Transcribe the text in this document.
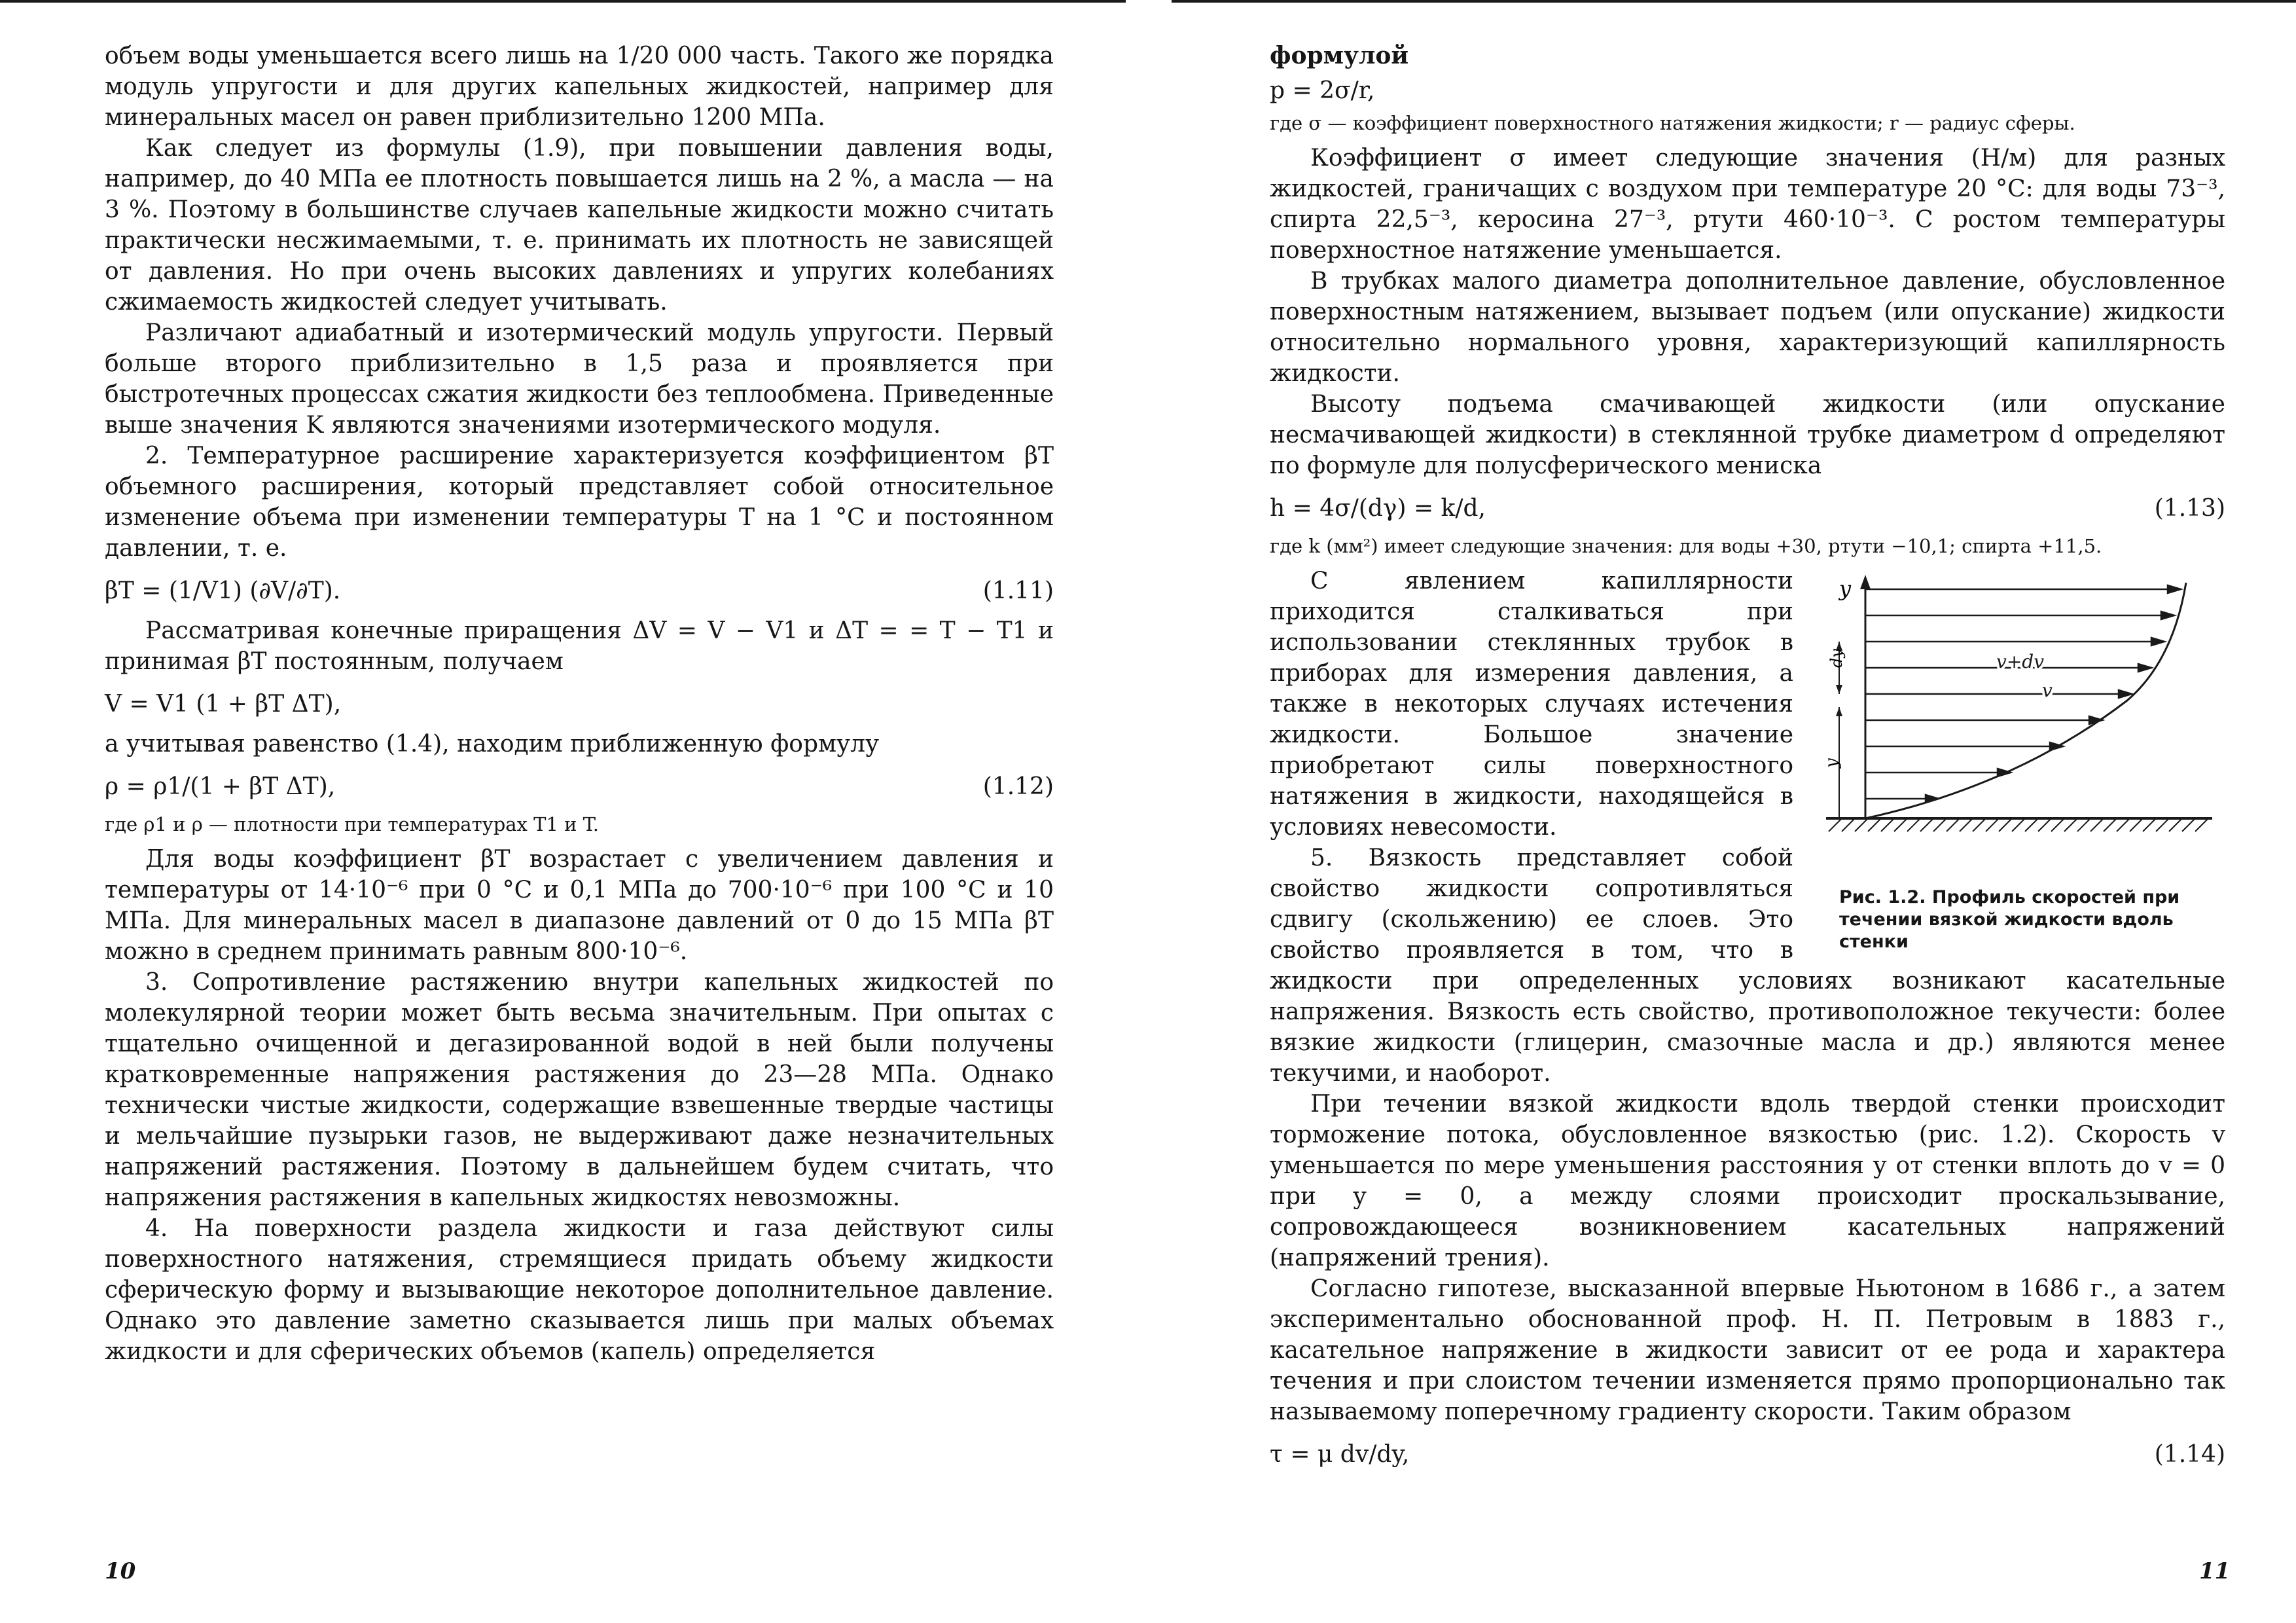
объем воды уменьшается всего лишь на 1/20 000 часть. Такого же порядка модуль упругости и для других капельных жидкостей, например для минеральных масел он равен приблизительно 1200 МПа.

Как следует из формулы (1.9), при повышении давления воды, например, до 40 МПа ее плотность повышается лишь на 2 %, а масла — на 3 %. Поэтому в большинстве случаев капельные жидкости можно считать практически несжимаемыми, т. е. принимать их плотность не зависящей от давления. Но при очень высоких давлениях и упругих колебаниях сжимаемость жидкостей следует учитывать.

Различают адиабатный и изотермический модуль упругости. Первый больше второго приблизительно в 1,5 раза и проявляется при быстротечных процессах сжатия жидкости без теплообмена. Приведенные выше значения K являются значениями изотермического модуля.

2. Температурное расширение характеризуется коэффициентом βT объемного расширения, который представляет собой относительное изменение объема при изменении температуры T на 1 °С и постоянном давлении, т. е.

βT = (1/V1) (∂V/∂T).	(1.11)

Рассматривая конечные приращения ΔV = V − V1 и ΔT = = T − T1 и принимая βT постоянным, получаем

V = V1 (1 + βT ΔT),

а учитывая равенство (1.4), находим приближенную формулу

ρ = ρ1/(1 + βT ΔT),	(1.12)

где ρ1 и ρ — плотности при температурах T1 и T.

Для воды коэффициент βT возрастает с увеличением давления и температуры от 14·10⁻⁶ при 0 °С и 0,1 МПа до 700·10⁻⁶ при 100 °С и 10 МПа. Для минеральных масел в диапазоне давлений от 0 до 15 МПа βT можно в среднем принимать равным 800·10⁻⁶.

3. Сопротивление растяжению внутри капельных жидкостей по молекулярной теории может быть весьма значительным. При опытах с тщательно очищенной и дегазированной водой в ней были получены кратковременные напряжения растяжения до 23—28 МПа. Однако технически чистые жидкости, содержащие взвешенные твердые частицы и мельчайшие пузырьки газов, не выдерживают даже незначительных напряжений растяжения. Поэтому в дальнейшем будем считать, что напряжения растяжения в капельных жидкостях невозможны.

4. На поверхности раздела жидкости и газа действуют силы поверхностного натяжения, стремящиеся придать объему жидкости сферическую форму и вызывающие некоторое дополнительное давление. Однако это давление заметно сказывается лишь при малых объемах жидкости и для сферических объемов (капель) определяется

10

формулой

p = 2σ/r,

где σ — коэффициент поверхностного натяжения жидкости; r — радиус сферы.

Коэффициент σ имеет следующие значения (Н/м) для разных жидкостей, граничащих с воздухом при температуре 20 °С: для воды 73⁻³, спирта 22,5⁻³, керосина 27⁻³, ртути 460·10⁻³. С ростом температуры поверхностное натяжение уменьшается.

В трубках малого диаметра дополнительное давление, обусловленное поверхностным натяжением, вызывает подъем (или опускание) жидкости относительно нормального уровня, характеризующий капиллярность жидкости.

Высоту подъема смачивающей жидкости (или опускание несмачивающей жидкости) в стеклянной трубке диаметром d определяют по формуле для полусферического мениска

h = 4σ/(dγ) = k/d,	(1.13)

где k (мм²) имеет следующие значения: для воды +30, ртути −10,1; спирта +11,5.

y
v+dv
v
dy
y
Рис. 1.2. Профиль скоростей при течении вязкой жидкости вдоль стенки

С явлением капиллярности приходится сталкиваться при использовании стеклянных трубок в приборах для измерения давления, а также в некоторых случаях истечения жидкости. Большое значение приобретают силы поверхностного натяжения в жидкости, находящейся в условиях невесомости.

5. Вязкость представляет собой свойство жидкости сопротивляться сдвигу (скольжению) ее слоев. Это свойство проявляется в том, что в жидкости при определенных условиях возникают касательные напряжения. Вязкость есть свойство, противоположное текучести: более вязкие жидкости (глицерин, смазочные масла и др.) являются менее текучими, и наоборот.

При течении вязкой жидкости вдоль твердой стенки происходит торможение потока, обусловленное вязкостью (рис. 1.2). Скорость v уменьшается по мере уменьшения расстояния y от стенки вплоть до v = 0 при y = 0, а между слоями происходит проскальзывание, сопровождающееся возникновением касательных напряжений (напряжений трения).

Согласно гипотезе, высказанной впервые Ньютоном в 1686 г., а затем экспериментально обоснованной проф. Н. П. Петровым в 1883 г., касательное напряжение в жидкости зависит от ее рода и характера течения и при слоистом течении изменяется прямо пропорционально так называемому поперечному градиенту скорости. Таким образом

τ = μ dv/dy,	(1.14)
11
